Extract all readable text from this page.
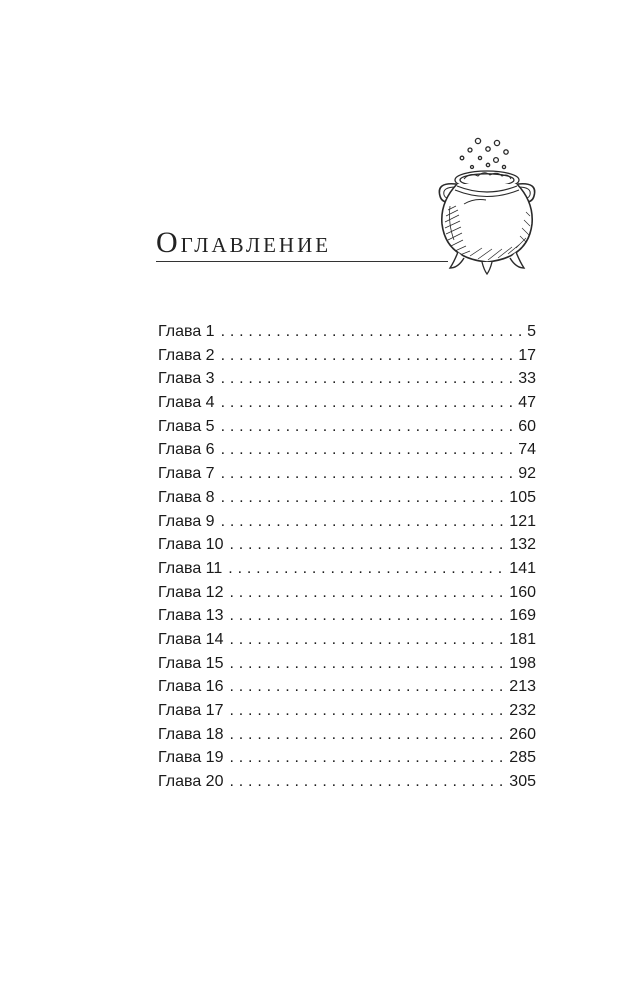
Оглавление
Глава 1 . . .	5
Глава 2 . . .	17
Глава 3 . . .	33
Глава 4 . . .	47
Глава 5 . . .	60
Глава 6 . . .	74
Глава 7 . . .	92
Глава 8 . . .	105
Глава 9 . . .	121
Глава 10 . . .	132
Глава 11 . . .	141
Глава 12 . . .	160
Глава 13 . . .	169
Глава 14 . . .	181
Глава 15 . . .	198
Глава 16 . . .	213
Глава 17 . . .	232
Глава 18 . . .	260
Глава 19 . . .	285
Глава 20 . . .	305
